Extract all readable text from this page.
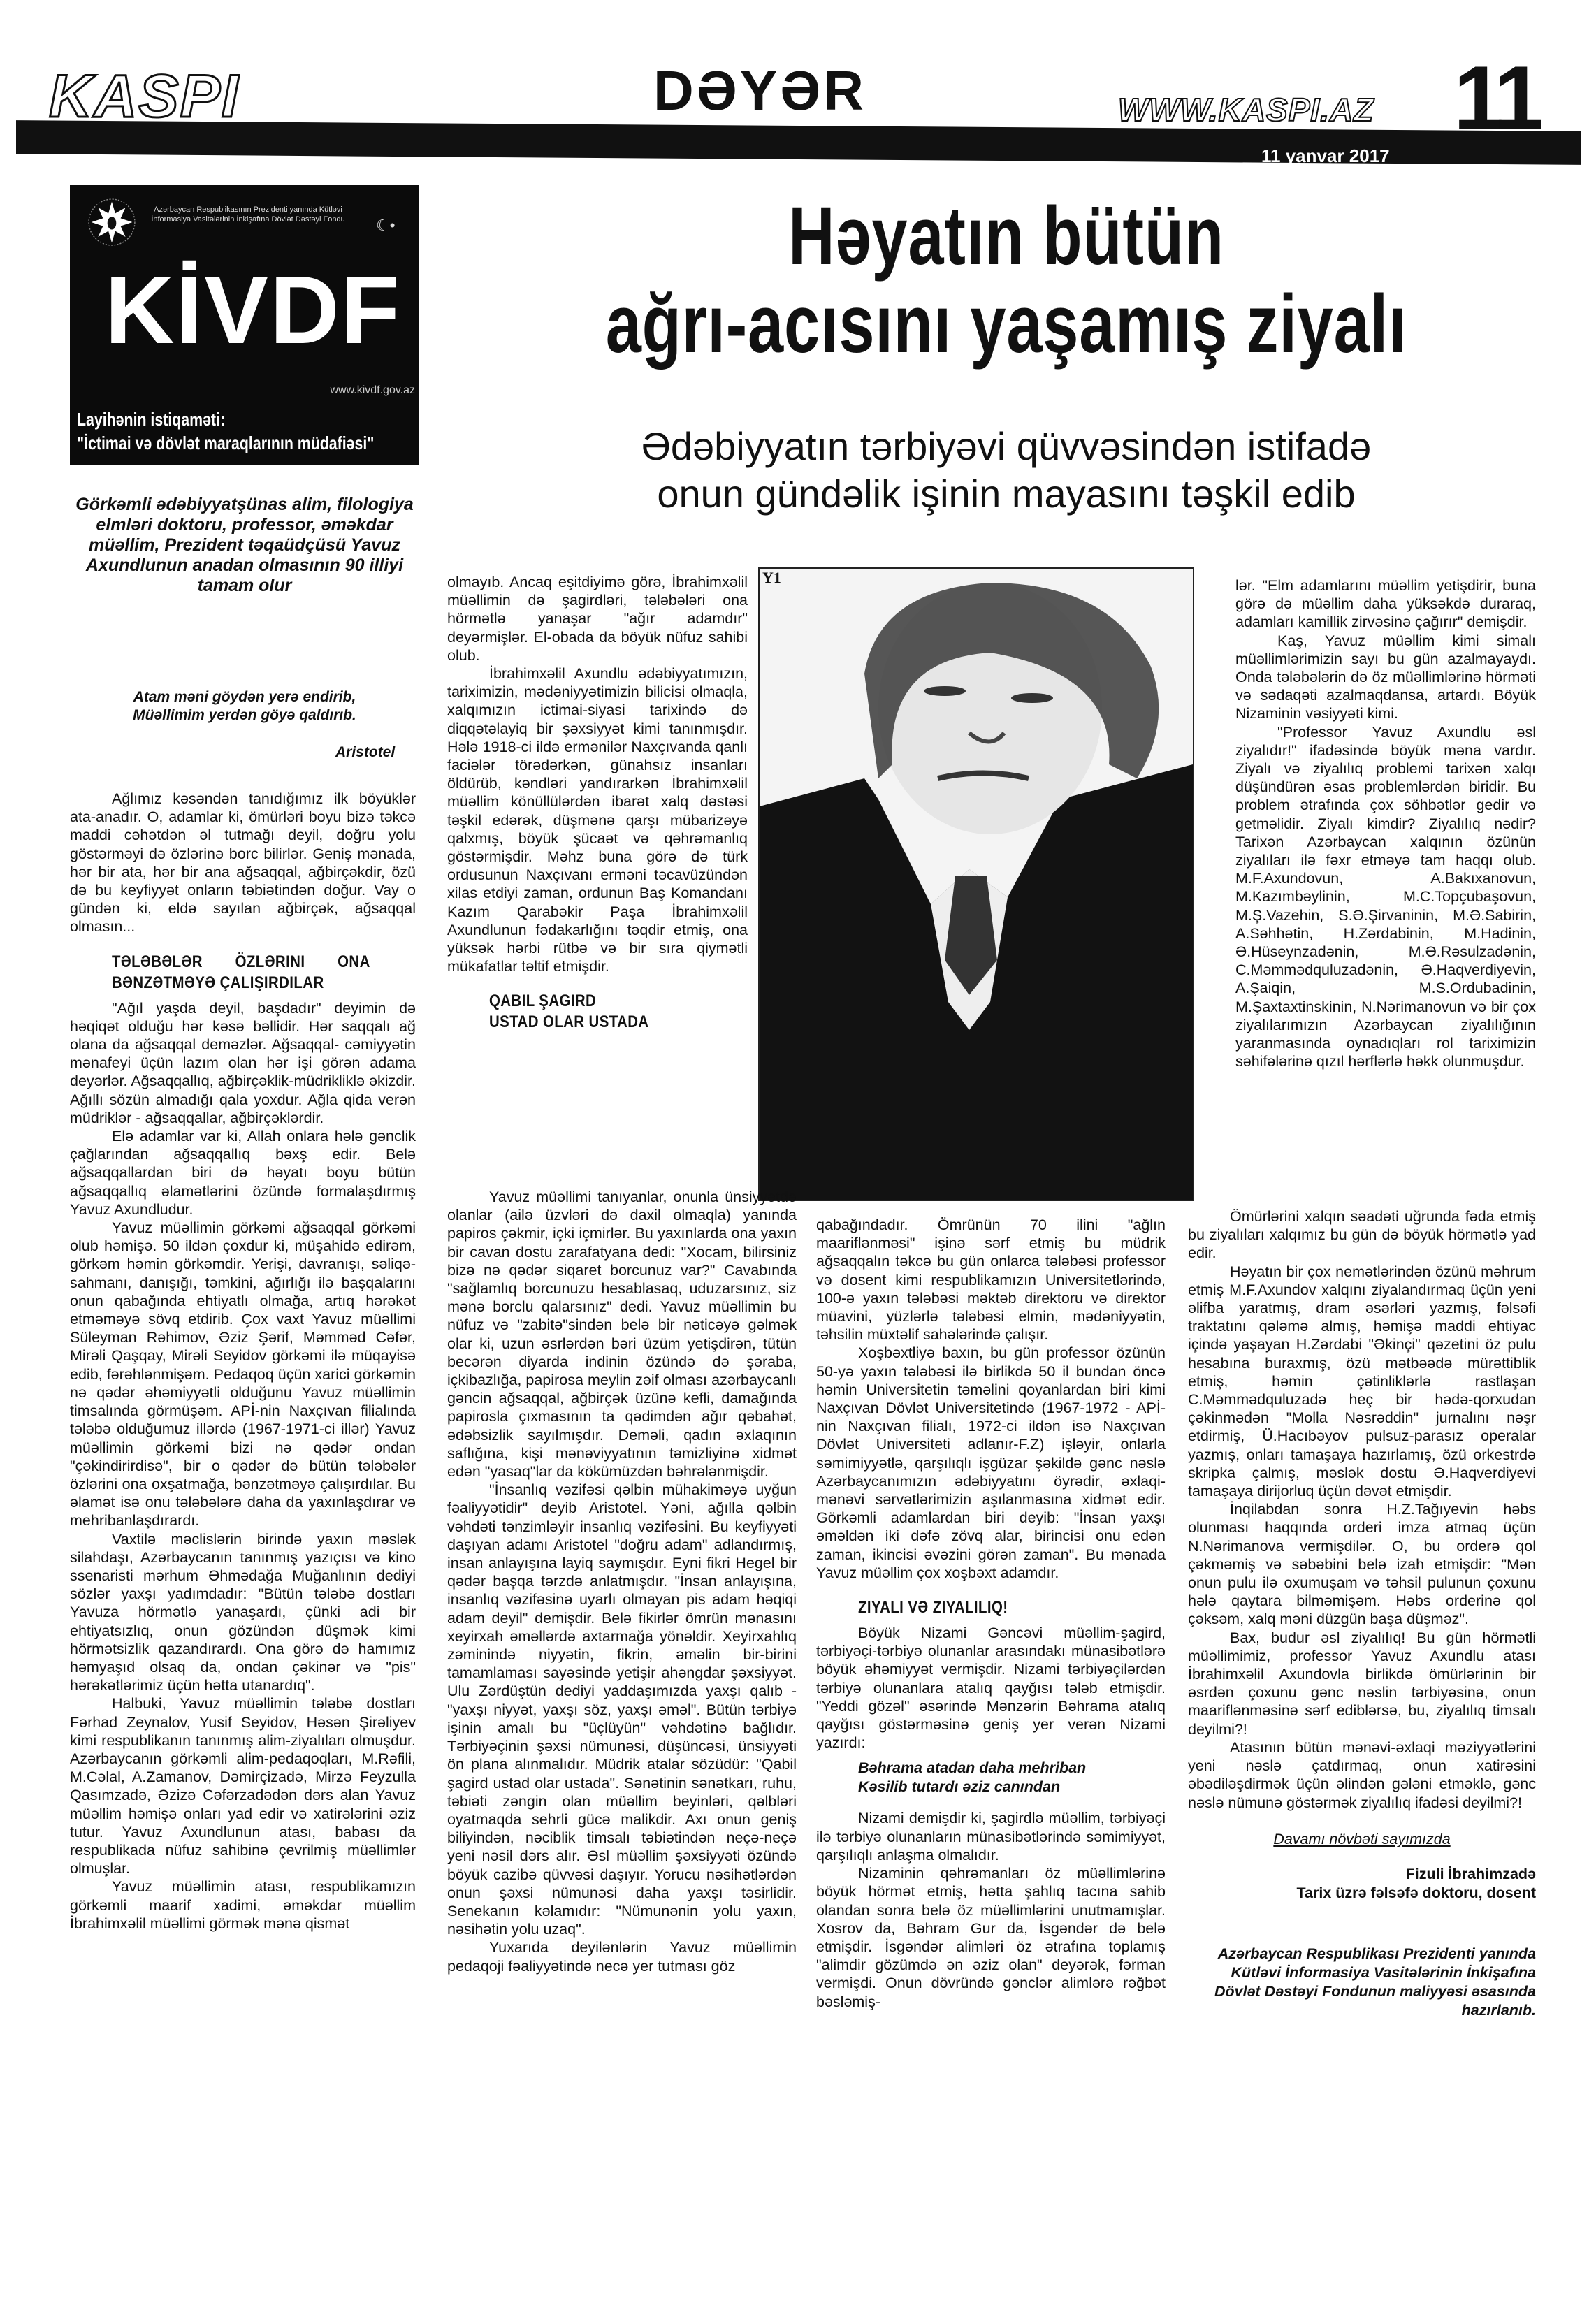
KASPI	DƏYƏR	WWW.KASPI.AZ 11
11 yanvar 2017
Azərbaycan Respublikasının Prezidenti yanında Kütləvi İnformasiya Vasitələrinin İnkişafına Dövlət Dəstəyi Fondu	☾•
KİVDF
www.kivdf.gov.az
Layihənin istiqaməti:
"İctimai və dövlət maraqlarının müdafiəsi"
Görkəmli ədəbiyyatşünas alim, filologiya elmləri doktoru, professor, əməkdar müəllim, Prezident təqaüdçüsü Yavuz Axundlunun anadan olmasının 90 illiyi tamam olur
Atam məni göydən yerə endirib,
Müəllimim yerdən göyə qaldırıb.
Aristotel
Həyatın bütün
ağrı-acısını yaşamış ziyalı
Ədəbiyyatın tərbiyəvi qüvvəsindən istifadə
onun gündəlik işinin mayasını təşkil edib
Y1

Ağlımız kəsəndən tanıdığımız ilk böyüklər ata-anadır. O, adamlar ki, ömürləri boyu bizə təkcə maddi cəhətdən əl tutmağı deyil, doğru yolu göstərməyi də özlərinə borc bilirlər. Geniş mənada, hər bir ata, hər bir ana ağsaqqal, ağbirçəkdir, özü də bu keyfiyyət onların təbiətindən doğur. Vay o gündən ki, eldə sayılan ağbirçək, ağsaqqal olmasın...

TƏLƏBƏLƏR ÖZLƏRINI ONA BƏNZƏTMƏYƏ ÇALIŞIRDILAR

"Ağıl yaşda deyil, başdadır" deyimin də həqiqət olduğu hər kəsə bəllidir. Hər saqqalı ağ olana da ağsaqqal deməzlər. Ağsaqqal- cəmiyyətin mənafeyi üçün lazım olan hər işi görən adama deyərlər. Ağsaqqallıq, ağbirçəklik-müdrikliklə əkizdir. Ağıllı sözün almadığı qala yoxdur. Ağla qida verən müdriklər - ağsaqqallar, ağbirçəklərdir.

Elə adamlar var ki, Allah onlara hələ gənclik çağlarından ağsaqqallıq bəxş edir. Belə ağsaqqallardan biri də həyatı boyu bütün ağsaqqallıq əlamətlərini özündə formalaşdırmış Yavuz Axundludur.

Yavuz müəllimin görkəmi ağsaqqal görkəmi olub həmişə. 50 ildən çoxdur ki, müşahidə edirəm, görkəm həmin görkəmdir. Yerişi, davranışı, səliqə-sahmanı, danışığı, təmkini, ağırlığı ilə başqalarını onun qabağında ehtiyatlı olmağa, artıq hərəkət etməməyə sövq etdirib. Çox vaxt Yavuz müəllimi Süleyman Rəhimov, Əziz Şərif, Məmməd Cəfər, Mirəli Qaşqay, Mirəli Seyidov görkəmi ilə müqayisə edib, fərəhlənmişəm. Pedaqoq üçün xarici görkəmin nə qədər əhəmiyyətli olduğunu Yavuz müəllimin timsalında görmüşəm. APİ-nin Naxçıvan filialında tələbə olduğumuz illərdə (1967-1971-ci illər) Yavuz müəllimin görkəmi bizi nə qədər ondan "çəkindirirdisə", bir o qədər də bütün tələbələr özlərini ona oxşatmağa, bənzətməyə çalışırdılar. Bu əlamət isə onu tələbələrə daha da yaxınlaşdırar və mehribanlaşdırardı.

Vaxtilə məclislərin birində yaxın məslək silahdaşı, Azərbaycanın tanınmış yazıçısı və kino ssenaristi mərhum Əhmədağa Muğanlının dediyi sözlər yaxşı yadımdadır: "Bütün tələbə dostları Yavuza hörmətlə yanaşardı, çünki adi bir ehtiyatsızlıq, onun gözündən düşmək kimi hörmətsizlik qazandırardı. Ona görə də hamımız həmyaşıd olsaq da, ondan çəkinər və "pis" hərəkətlərimiz üçün hətta utanardıq".

Halbuki, Yavuz müəllimin tələbə dostları Fərhad Zeynalov, Yusif Seyidov, Həsən Şirəliyev kimi respublikanın tanınmış alim-ziyalıları olmuşdur. Azərbaycanın görkəmli alim-pedaqoqları, M.Rəfili, M.Cəlal, A.Zamanov, Dəmirçizadə, Mirzə Feyzulla Qasımzadə, Əzizə Cəfərzadədən dərs alan Yavuz müəllim həmişə onları yad edir və xatirələrini əziz tutur. Yavuz Axundlunun atası, babası da respublikada nüfuz sahibinə çevrilmiş müəllimlər olmuşlar.

Yavuz müəllimin atası, respublikamızın görkəmli maarif xadimi, əməkdar müəllim İbrahimxəlil müəllimi görmək mənə qismət

olmayıb. Ancaq eşitdiyimə görə, İbrahimxəlil müəllimin də şagirdləri, tələbələri ona hörmətlə yanaşar "ağır adamdır" deyərmişlər. El-obada da böyük nüfuz sahibi olub.

İbrahimxəlil Axundlu ədəbiyyatımızın, tariximizin, mədəniyyətimizin bilicisi olmaqla, xalqımızın ictimai-siyasi tarixində də diqqətəlayiq bir şəxsiyyət kimi tanınmışdır. Hələ 1918-ci ildə ermənilər Naxçıvanda qanlı faciələr törədərkən, günahsız insanları öldürüb, kəndləri yandırarkən İbrahimxəlil müəllim könüllülərdən ibarət xalq dəstəsi təşkil edərək, düşmənə qarşı mübarizəyə qalxmış, böyük şücaət və qəhrəmanlıq göstərmişdir. Məhz buna görə də türk ordusunun Naxçıvanı erməni təcavüzündən xilas etdiyi zaman, ordunun Baş Komandanı Kazım Qarabəkir Paşa İbrahimxəlil Axundlunun fədakarlığını təqdir etmiş, ona yüksək hərbi rütbə və bir sıra qiymətli mükafatlar təltif etmişdir.

QABIL ŞAGIRD
USTAD OLAR USTADA

Yavuz müəllimi tanıyanlar, onunla ünsiyyətdə olanlar (ailə üzvləri də daxil olmaqla) yanında papiros çəkmir, içki içmirlər. Bu yaxınlarda ona yaxın bir cavan dostu zarafatyana dedi: "Xocam, bilirsiniz bizə nə qədər siqaret borcunuz var?" Cavabında "sağlamlıq borcunuzu hesablasaq, uduzarsınız, siz mənə borclu qalarsınız" dedi. Yavuz müəllimin bu nüfuz və "zabitə"sindən belə bir nəticəyə gəlmək olar ki, uzun əsrlərdən bəri üzüm yetişdirən, tütün becərən diyarda indinin özündə də şəraba, içkibazlığa, papirosa meylin zəif olması azərbaycanlı gəncin ağsaqqal, ağbirçək üzünə kefli, damağında papirosla çıxmasının ta qədimdən ağır qəbahət, ədəbsizlik sayılmışdır. Deməli, qadın əxlaqının saflığına, kişi mənəviyyatının təmizliyinə xidmət edən "yasaq"lar da kökümüzdən bəhrələnmişdir.

"İnsanlıq vəzifəsi qəlbin mühakiməyə uyğun fəaliyyətidir" deyib Aristotel. Yəni, ağılla qəlbin vəhdəti tənzimləyir insanlıq vəzifəsini. Bu keyfiyyəti daşıyan adamı Aristotel "doğru adam" adlandırmış, insan anlayışına layiq saymışdır. Eyni fikri Hegel bir qədər başqa tərzdə anlatmışdır. "İnsan anlayışına, insanlıq vəzifəsinə uyarlı olmayan pis adam həqiqi adam deyil" demişdir. Belə fikirlər ömrün mənasını xeyirxah əməllərdə axtarmağa yönəldir. Xeyirxahlıq zəminində niyyətin, fikrin, əməlin bir-birini tamamlaması sayəsində yetişir ahəngdar şəxsiyyət. Ulu Zərdüştün dediyi yaddaşımızda yaxşı qalıb - "yaxşı niyyət, yaxşı söz, yaxşı əməl". Bütün tərbiyə işinin amalı bu "üçlüyün" vəhdətinə bağlıdır. Tərbiyəçinin şəxsi nümunəsi, düşüncəsi, ünsiyyəti ön plana alınmalıdır. Müdrik atalar sözüdür: "Qabil şagird ustad olar ustada". Sənətinin sənətkarı, ruhu, təbiəti zəngin olan müəllim beyinləri, qəlbləri oyatmaqda sehrli gücə malikdir. Axı onun geniş biliyindən, nəciblik timsalı təbiətindən neçə-neçə yeni nəsil dərs alır. Əsl müəllim şəxsiyyəti özündə böyük cazibə qüvvəsi daşıyır. Yorucu nəsihətlərdən onun şəxsi nümunəsi daha yaxşı təsirlidir. Senekanın kəlamıdır: "Nümunənin yolu yaxın, nəsihətin yolu uzaq".

Yuxarıda deyilənlərin Yavuz müəllimin pedaqoji fəaliyyətində necə yer tutması göz

qabağındadır. Ömrünün 70 ilini "ağlın maariflənməsi" işinə sərf etmiş bu müdrik ağsaqqalın təkcə bu gün onlarca tələbəsi professor və dosent kimi respublikamızın Universitetlərində, 100-ə yaxın tələbəsi məktəb direktoru və direktor müavini, yüzlərlə tələbəsi elmin, mədəniyyətin, təhsilin müxtəlif sahələrində çalışır.

Xoşbəxtliyə baxın, bu gün professor özünün 50-yə yaxın tələbəsi ilə birlikdə 50 il bundan öncə həmin Universitetin təməlini qoyanlardan biri kimi Naxçıvan Dövlət Universitetində (1967-1972 - APİ-nin Naxçıvan filialı, 1972-ci ildən isə Naxçıvan Dövlət Universiteti adlanır-F.Z) işləyir, onlarla səmimiyyətlə, qarşılıqlı işgüzar şəkildə gənc nəslə Azərbaycanımızın ədəbiyyatını öyrədir, əxlaqi-mənəvi sərvətlərimizin aşılanmasına xidmət edir. Görkəmli adamlardan biri deyib: "İnsan yaxşı əməldən iki dəfə zövq alar, birincisi onu edən zaman, ikincisi əvəzini görən zaman". Bu mənada Yavuz müəllim çox xoşbəxt adamdır.

ZIYALI VƏ ZIYALILIQ!

Böyük Nizami Gəncəvi müəllim-şagird, tərbiyəçi-tərbiyə olunanlar arasındakı münasibətlərə böyük əhəmiyyət vermişdir. Nizami tərbiyəçilərdən tərbiyə olunanlara atalıq qayğısı tələb etmişdir. "Yeddi gözəl" əsərində Mənzərin Bəhrama atalıq qayğısı göstərməsinə geniş yer verən Nizami yazırdı:

Bəhrama atadan daha mehriban
Kəsilib tutardı əziz canından

Nizami demişdir ki, şagirdlə müəllim, tərbiyəçi ilə tərbiyə olunanların münasibətlərində səmimiyyət, qarşılıqlı anlaşma olmalıdır.

Nizaminin qəhrəmanları öz müəllimlərinə böyük hörmət etmiş, hətta şahlıq tacına sahib olandan sonra belə öz müəllimlərini unutmamışlar. Xosrov da, Bəhram Gur da, İsgəndər də belə etmişdir. İsgəndər alimləri öz ətrafına toplamış "alimdir gözümdə ən əziz olan" deyərək, fərman vermişdi. Onun dövründə gənclər alimlərə rəğbət bəsləmiş-

lər. "Elm adamlarını müəllim yetişdirir, buna görə də müəllim daha yüksəkdə duraraq, adamları kamillik zirvəsinə çağırır" demişdir.

Kaş, Yavuz müəllim kimi simalı müəllimlərimizin sayı bu gün azalmayaydı. Onda tələbələrin də öz müəllimlərinə hörməti və sədaqəti azalmaqdansa, artardı. Böyük Nizaminin vəsiyyəti kimi.

"Professor Yavuz Axundlu əsl ziyalıdır!" ifadəsində böyük məna vardır. Ziyalı və ziyalılıq problemi tarixən xalqı düşündürən əsas problemlərdən biridir. Bu problem ətrafında çox söhbətlər gedir və getməlidir. Ziyalı kimdir? Ziyalılıq nədir? Tarixən Azərbaycan xalqının özünün ziyalıları ilə fəxr etməyə tam haqqı olub. M.F.Axundovun, A.Bakıxanovun, M.Kazımbəylinin, M.C.Topçubaşovun, M.Ş.Vazehin, S.Ə.Şirvaninin, M.Ə.Sabirin, A.Səhhətin, H.Zərdabinin, M.Hadinin, Ə.Hüseynzadənin, M.Ə.Rəsulzadənin, C.Məmmədquluzadənin, Ə.Haqverdiyevin, A.Şaiqin, M.S.Ordubadinin, M.Şaxtaxtinskinin, N.Nərimanovun və bir çox ziyalılarımızın Azərbaycan ziyalılığının yaranmasında oynadıqları rol tariximizin səhifələrinə qızıl hərflərlə həkk olunmuşdur.

Ömürlərini xalqın səadəti uğrunda fəda etmiş bu ziyalıları xalqımız bu gün də böyük hörmətlə yad edir.

Həyatın bir çox nemətlərindən özünü məhrum etmiş M.F.Axundov xalqını ziyalandırmaq üçün yeni əlifba yaratmış, dram əsərləri yazmış, fəlsəfi traktatını qələmə almış, həmişə maddi ehtiyac içində yaşayan H.Zərdabi "Əkinçi" qəzetini öz pulu hesabına buraxmış, özü mətbəədə mürəttiblik etmiş, həmin çətinliklərlə rastlaşan C.Məmmədquluzadə heç bir hədə-qorxudan çəkinmədən "Molla Nəsrəddin" jurnalını nəşr etdirmiş, Ü.Hacıbəyov pulsuz-parasız operalar yazmış, onları tamaşaya hazırlamış, özü orkestrdə skripka çalmış, məslək dostu Ə.Haqverdiyevi tamaşaya dirijorluq üçün dəvət etmişdir.

İnqilabdan sonra H.Z.Tağıyevin həbs olunması haqqında orderi imza atmaq üçün N.Nərimanova vermişdilər. O, bu orderə qol çəkməmiş və səbəbini belə izah etmişdir: "Mən onun pulu ilə oxumuşam və təhsil pulunun çoxunu hələ qaytara bilməmişəm. Həbs orderinə qol çəksəm, xalq məni düzgün başa düşməz".

Bax, budur əsl ziyalılıq! Bu gün hörmətli müəllimimiz, professor Yavuz Axundlu atası İbrahimxəlil Axundovla birlikdə ömürlərinin bir əsrdən çoxunu gənc nəslin tərbiyəsinə, onun maariflənməsinə sərf ediblərsə, bu, ziyalılıq timsalı deyilmi?!

Atasının bütün mənəvi-əxlaqi məziyyətlərini yeni nəslə çatdırmaq, onun xatirəsini əbədiləşdirmək üçün əlindən gələni etməklə, gənc nəslə nümunə göstərmək ziyalılıq ifadəsi deyilmi?!

Davamı növbəti sayımızda
Fizuli İbrahimzadə
Tarix üzrə fəlsəfə doktoru, dosent
Azərbaycan Respublikası Prezidenti yanında Kütləvi İnformasiya Vasitələrinin İnkişafına Dövlət Dəstəyi Fondunun maliyyəsi əsasında hazırlanıb.
